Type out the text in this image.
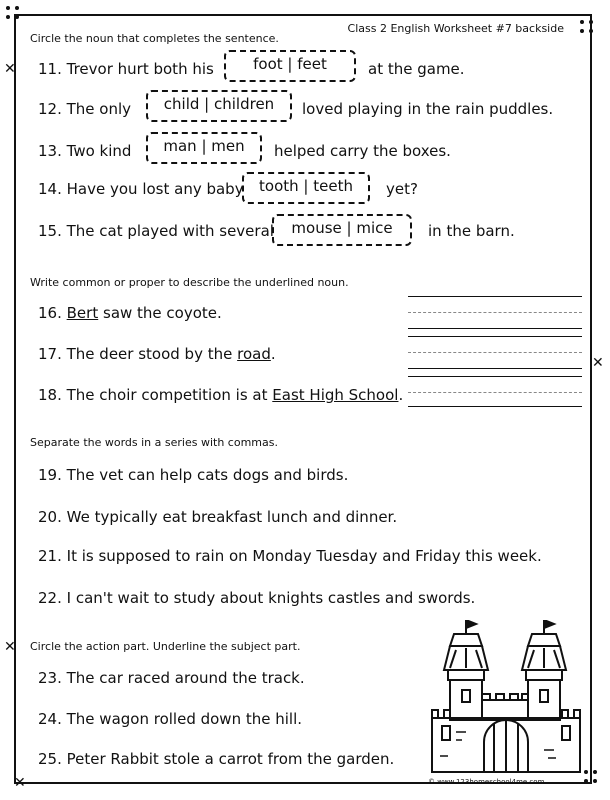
✕
✕
✕
✕
Class 2 English Worksheet #7 backside
Circle the noun that completes the sentence.
11. Trevor hurt both his	foot | feet	at the game.
12. The only	child | children	loved playing in the rain puddles.
13. Two kind	man | men	helped carry the boxes.
14. Have you lost any baby	tooth | teeth	yet?
15. The cat played with several	mouse | mice	in the barn.
Write common or proper to describe the underlined noun.
16. Bert saw the coyote.
17. The deer stood by the road.
18. The choir competition is at East High School.
Separate the words in a series with commas.
19. The vet can help cats dogs and birds.
20. We typically eat breakfast lunch and dinner.
21. It is supposed to rain on Monday Tuesday and Friday this week.
22. I can't wait to study about knights castles and swords.
Circle the action part. Underline the subject part.
23. The car raced around the track.
24. The wagon rolled down the hill.
25. Peter Rabbit stole a carrot from the garden.
© www.123homeschool4me.com
